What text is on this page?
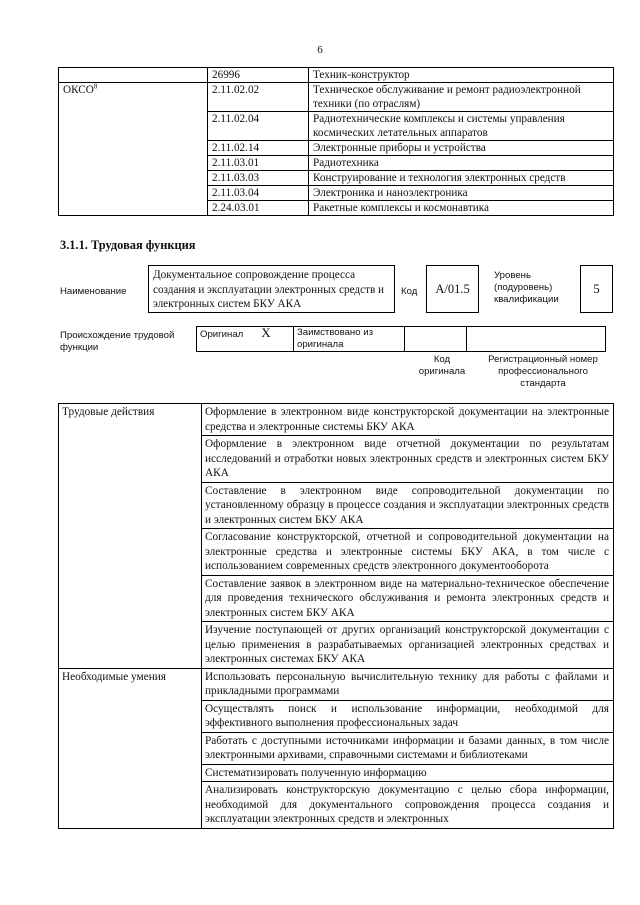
6
	26996	Техник-конструктор
ОКСО$^8$	2.11.02.02	Техническое обслуживание и ремонт радиоэлектронной техники (по отраслям)
	2.11.02.04	Радиотехнические комплексы и системы управления космических летательных аппаратов
	2.11.02.14	Электронные приборы и устройства
	2.11.03.01	Радиотехника
	2.11.03.03	Конструирование и технология электронных средств
	2.11.03.04	Электроника и наноэлектроника
	2.24.03.01	Ракетные комплексы и космонавтика
3.1.1. Трудовая функция
Наименование
Документальное сопровождение процесса создания и эксплуатации электронных средств и электронных систем БКУ АКА
Код	А/01.5
Уровень (подуровень) квалификации
5
Происхождение трудовой функции
Оригинал X	Заимствовано из оригинала		
Код оригинала
Регистрационный номер профессионального стандарта
Трудовые действия	Оформление в электронном виде конструкторской документации на электронные средства и электронные системы БКУ АКА
	Оформление в электронном виде отчетной документации по результатам исследований и отработки новых электронных средств и электронных систем БКУ АКА
	Составление в электронном виде сопроводительной документации по установленному образцу в процессе создания и эксплуатации электронных средств и электронных систем БКУ АКА
	Согласование конструкторской, отчетной и сопроводительной документации на электронные средства и электронные системы БКУ АКА, в том числе с использованием современных средств электронного документооборота
	Составление заявок в электронном виде на материально-техническое обеспечение для проведения технического обслуживания и ремонта электронных средств и электронных систем БКУ АКА
	Изучение поступающей от других организаций конструкторской документации с целью применения в разрабатываемых организацией электронных средствах и электронных системах БКУ АКА
Необходимые умения	Использовать персональную вычислительную технику для работы с файлами и прикладными программами
	Осуществлять поиск и использование информации, необходимой для эффективного выполнения профессиональных задач
	Работать с доступными источниками информации и базами данных, в том числе электронными архивами, справочными системами и библиотеками
	Систематизировать полученную информацию
	Анализировать конструкторскую документацию с целью сбора информации, необходимой для документального сопровождения процесса создания и эксплуатации электронных средств и электронных
